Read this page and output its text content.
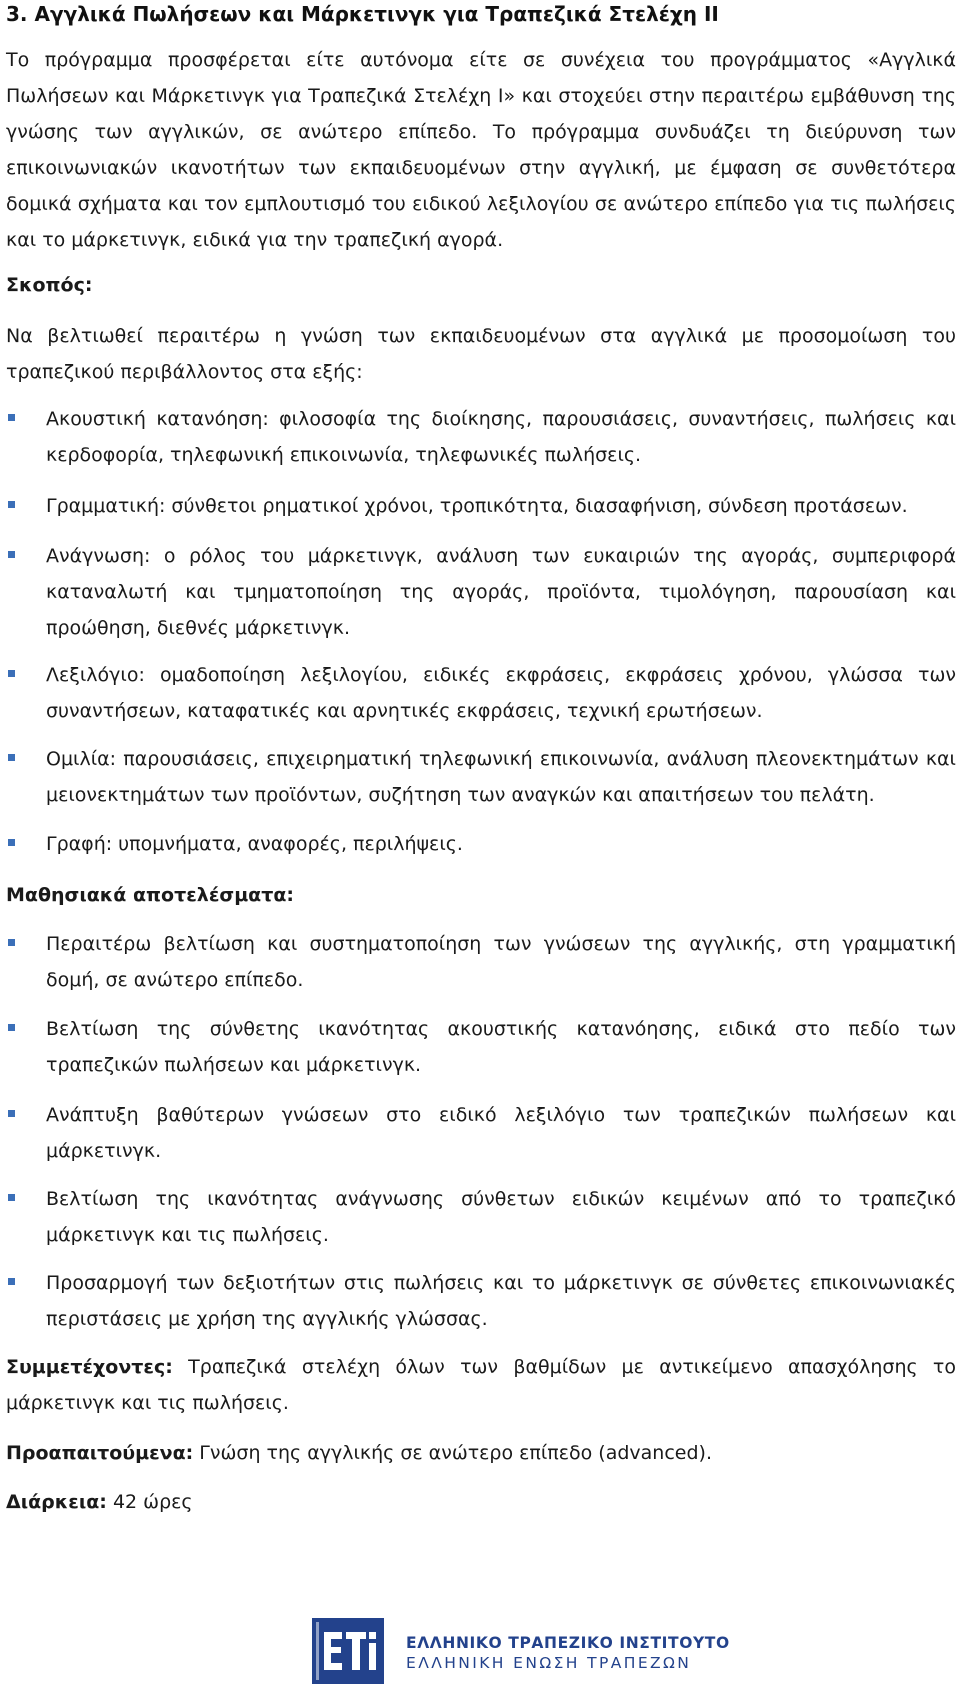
3. Αγγλικά Πωλήσεων και Μάρκετινγκ για Τραπεζικά Στελέχη ΙΙ

Το πρόγραμμα προσφέρεται είτε αυτόνομα είτε σε συνέχεια του προγράμματος «Αγγλικά Πωλήσεων και Μάρκετινγκ για Τραπεζικά Στελέχη Ι» και στοχεύει στην περαιτέρω εμβάθυνση της γνώσης των αγγλικών, σε ανώτερο επίπεδο. Το πρόγραμμα συνδυάζει τη διεύρυνση των επικοινωνιακών ικανοτήτων των εκπαιδευομένων στην αγγλική, με έμφαση σε συνθετότερα δομικά σχήματα και τον εμπλουτισμό του ειδικού λεξιλογίου σε ανώτερο επίπεδο για τις πωλήσεις και το μάρκετινγκ, ειδικά για την τραπεζική αγορά.

Σκοπός:

Να βελτιωθεί περαιτέρω η γνώση των εκπαιδευομένων στα αγγλικά με προσομοίωση του τραπεζικού περιβάλλοντος στα εξής:

Ακουστική κατανόηση: φιλοσοφία της διοίκησης, παρουσιάσεις, συναντήσεις, πωλήσεις και κερδοφορία, τηλεφωνική επικοινωνία, τηλεφωνικές πωλήσεις.

Γραμματική: σύνθετοι ρηματικοί χρόνοι, τροπικότητα, διασαφήνιση, σύνδεση προτάσεων.

Ανάγνωση: ο ρόλος του μάρκετινγκ, ανάλυση των ευκαιριών της αγοράς, συμπεριφορά καταναλωτή και τμηματοποίηση της αγοράς, προϊόντα, τιμολόγηση, παρουσίαση και προώθηση, διεθνές μάρκετινγκ.

Λεξιλόγιο: ομαδοποίηση λεξιλογίου, ειδικές εκφράσεις, εκφράσεις χρόνου, γλώσσα των συναντήσεων, καταφατικές και αρνητικές εκφράσεις, τεχνική ερωτήσεων.

Ομιλία: παρουσιάσεις, επιχειρηματική τηλεφωνική επικοινωνία, ανάλυση πλεονεκτημάτων και μειονεκτημάτων των προϊόντων, συζήτηση των αναγκών και απαιτήσεων του πελάτη.

Γραφή: υπομνήματα, αναφορές, περιλήψεις.

Μαθησιακά αποτελέσματα:

Περαιτέρω βελτίωση και συστηματοποίηση των γνώσεων της αγγλικής, στη γραμματική δομή, σε ανώτερο επίπεδο.

Βελτίωση της σύνθετης ικανότητας ακουστικής κατανόησης, ειδικά στο πεδίο των τραπεζικών πωλήσεων και μάρκετινγκ.

Ανάπτυξη βαθύτερων γνώσεων στο ειδικό λεξιλόγιο των τραπεζικών πωλήσεων και μάρκετινγκ.

Βελτίωση της ικανότητας ανάγνωσης σύνθετων ειδικών κειμένων από το τραπεζικό μάρκετινγκ και τις πωλήσεις.

Προσαρμογή των δεξιοτήτων στις πωλήσεις και το μάρκετινγκ σε σύνθετες επικοινωνιακές περιστάσεις με χρήση της αγγλικής γλώσσας.

Συμμετέχοντες: Τραπεζικά στελέχη όλων των βαθμίδων με αντικείμενο απασχόλησης το μάρκετινγκ και τις πωλήσεις.

Προαπαιτούμενα: Γνώση της αγγλικής σε ανώτερο επίπεδο (advanced).

Διάρκεια: 42 ώρες

ΕΛΛΗΝΙΚΟ ΤΡΑΠΕΖΙΚΟ ΙΝΣΤΙΤΟΥΤΟ

ΕΛΛΗΝΙΚΗ ΕΝΩΣΗ ΤΡΑΠΕΖΩΝ
